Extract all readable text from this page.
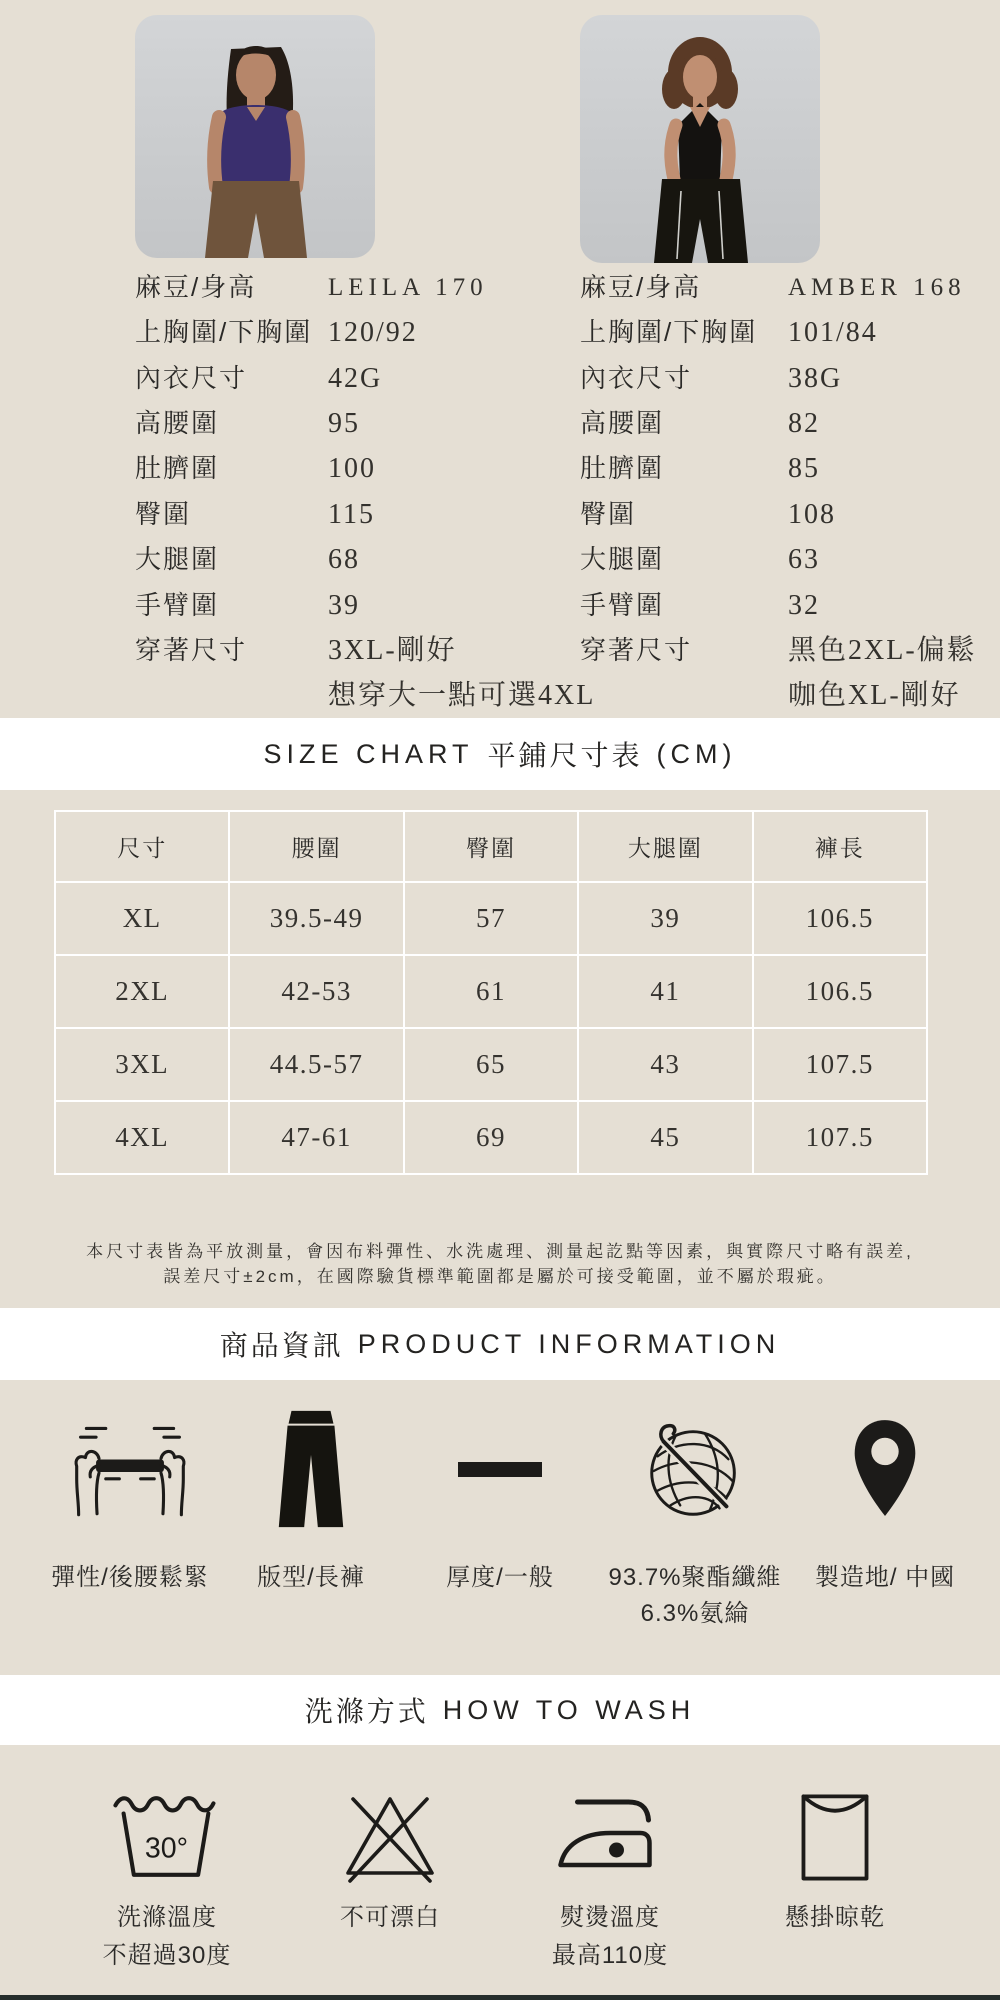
麻豆/身高	LEILA 170	麻豆/身高	AMBER 168
上胸圍/下胸圍 120/92	上胸圍/下胸圍 101/84
內衣尺寸	42G	內衣尺寸	38G
高腰圍	95	高腰圍	82
肚臍圍	100	肚臍圍	85
臀圍	115	臀圍	108
大腿圍	68	大腿圍	63
手臂圍	39	手臂圍	32
穿著尺寸	3XL-剛好	穿著尺寸	黑色2XL-偏鬆
想穿大一點可選4XL	咖色XL-剛好
SIZE CHART 平鋪尺寸表 (CM)
尺寸	腰圍	臀圍	大腿圍	褲長
XL	39.5-49	57	39	106.5
2XL	42-53	61	41	106.5
3XL	44.5-57	65	43	107.5
4XL	47-61	69	45	107.5
本尺寸表皆為平放測量，會因布料彈性、水洗處理、測量起訖點等因素，與實際尺寸略有誤差,
誤差尺寸±2cm，在國際驗貨標準範圍都是屬於可接受範圍，並不屬於瑕疵。
商品資訊 PRODUCT INFORMATION
彈性/後腰鬆緊	版型/長褲	厚度/一般	93.7%聚酯纖維
6.3%氨綸
製造地/ 中國
洗滌方式 HOW TO WASH
30°
洗滌溫度
不超過30度
不可漂白	熨燙溫度
最高110度
懸掛晾乾
